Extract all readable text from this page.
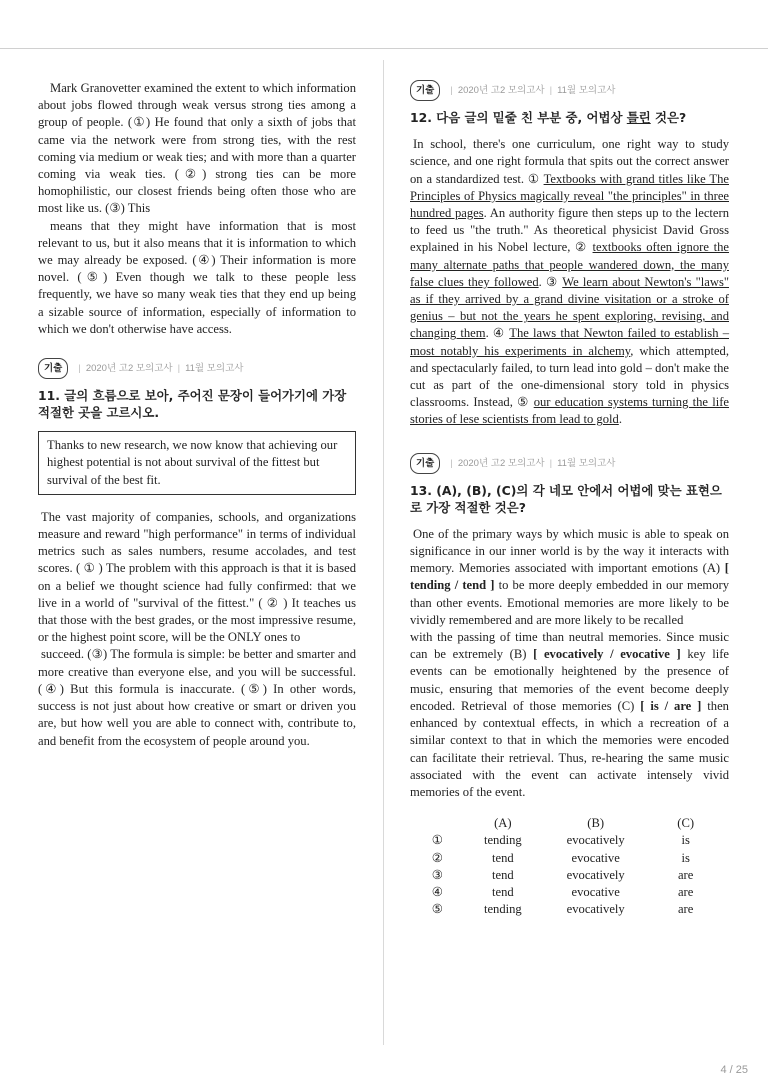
Mark Granovetter examined the extent to which information about jobs flowed through weak versus strong ties among a group of people. (①) He found that only a sixth of jobs that came via the network were from strong ties, with the rest coming via medium or weak ties; and with more than a quarter coming via weak ties. (②) strong ties can be more homophilistic, our closest friends being often those who are most like us. (③) This

means that they might have information that is most relevant to us, but it also means that it is information to which we may already be exposed. (④) Their information is more novel. (⑤) Even though we talk to these people less frequently, we have so many weak ties that they end up being a sizable source of information, especially of information to which we don't otherwise have access.

기출	| 2020년 고2 모의고사 | 11월 모의고사
11. 글의 흐름으로 보아, 주어진 문장이 들어가기에 가장 적절한 곳을 고르시오.
Thanks to new research, we now know that achieving our highest potential is not about survival of the fittest but survival of the best fit.

The vast majority of companies, schools, and organizations measure and reward "high performance" in terms of individual metrics such as sales numbers, resume accolades, and test scores. ( ① ) The problem with this approach is that it is based on a belief we thought science had fully confirmed: that we live in a world of "survival of the fittest." ( ② ) It teaches us that those with the best grades, or the most impressive resume, or the highest point score, will be the ONLY ones to

succeed. (③) The formula is simple: be better and smarter and more creative than everyone else, and you will be successful. (④) But this formula is inaccurate. (⑤) In other words, success is not just about how creative or smart or driven you are, but how well you are able to connect with, contribute to, and benefit from the ecosystem of people around you.

기출	| 2020년 고2 모의고사 | 11월 모의고사
12. 다음 글의 밑줄 친 부분 중, 어법상 틀린 것은?

In school, there's one curriculum, one right way to study science, and one right formula that spits out the correct answer on a standardized test. ① Textbooks with grand titles like The Principles of Physics magically reveal "the principles" in three hundred pages. An authority figure then steps up to the lectern to feed us "the truth." As theoretical physicist David Gross explained in his Nobel lecture, ② textbooks often ignore the many alternate paths that people wandered down, the many false clues they followed. ③ We learn about Newton's "laws" as if they arrived by a grand divine visitation or a stroke of genius – but not the years he spent exploring, revising, and changing them. ④ The laws that Newton failed to establish – most notably his experiments in alchemy, which attempted, and spectacularly failed, to turn lead into gold – don't make the cut as part of the one-dimensional story told in physics classrooms. Instead, ⑤ our education systems turning the life stories of lese scientists from lead to gold.

기출	| 2020년 고2 모의고사 | 11월 모의고사
13. (A), (B), (C)의 각 네모 안에서 어법에 맞는 표현으로 가장 적절한 것은?

One of the primary ways by which music is able to speak on significance in our inner world is by the way it interacts with memory. Memories associated with important emotions (A) [ tending / tend ] to be more deeply embedded in our memory than other events. Emotional memories are more likely to be vividly remembered and are more likely to be recalled

with the passing of time than neutral memories. Since music can be extremely (B) [ evocatively / evocative ] key life events can be emotionally heightened by the presence of music, ensuring that memories of the event become deeply encoded. Retrieval of those memories (C) [ is / are ] then enhanced by contextual effects, in which a recreation of a similar context to that in which the memories were encoded can facilitate their retrieval. Thus, re-hearing the same music associated with the event can activate intensely vivid memories of the event.

	(A)	(B)	(C)
①	tending	evocatively	is
②	tend	evocative	is
③	tend	evocatively	are
④	tend	evocative	are
⑤	tending	evocatively	are
4 / 25
